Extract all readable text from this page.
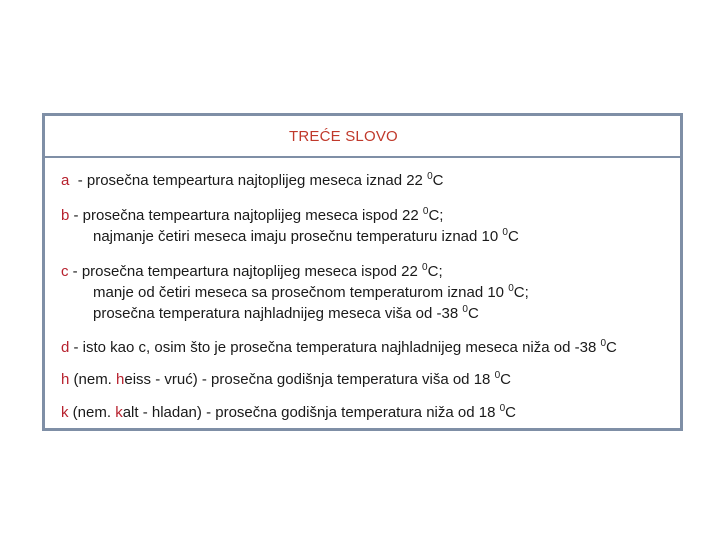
TREĆE SLOVO
a - prosečna tempeartura najtoplijeg meseca iznad 22 $^0$C
b - prosečna tempeartura najtoplijeg meseca ispod 22 $^0$C;
najmanje četiri meseca imaju prosečnu temperaturu iznad 10 $^0$C
c - prosečna tempeartura najtoplijeg meseca ispod 22 $^0$C;
manje od četiri meseca sa prosečnom temperaturom iznad 10 $^0$C;
prosečna temperatura najhladnijeg meseca viša od -38 $^0$C
d - isto kao c, osim što je prosečna temperatura najhladnijeg meseca niža od -38 $^0$C
h (nem. heiss - vruć) - prosečna godišnja temperatura viša od 18 $^0$C
k (nem. kalt - hladan) - prosečna godišnja temperatura niža od 18 $^0$C
